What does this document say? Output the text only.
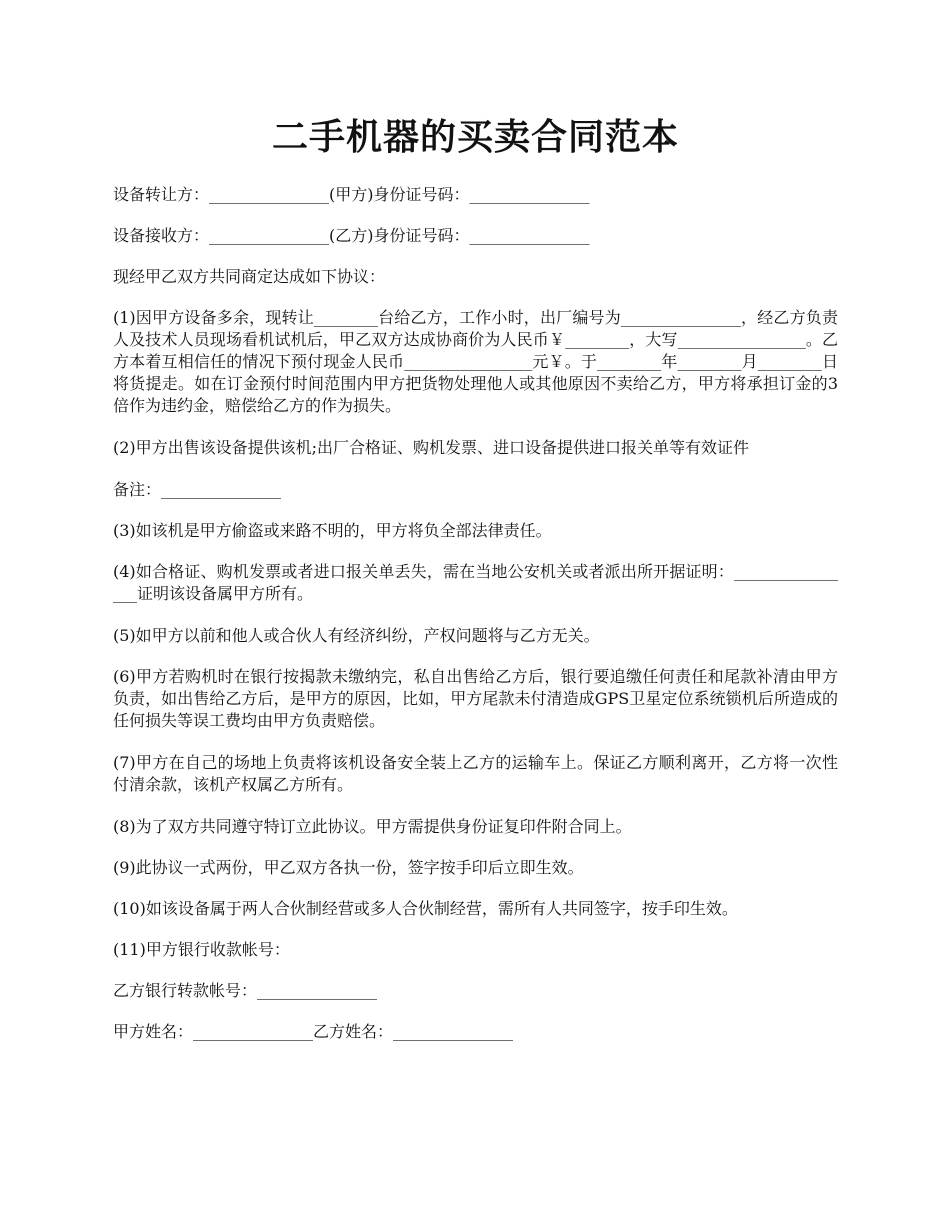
二手机器的买卖合同范本

设备转让方：_______________(甲方)身份证号码：_______________

设备接收方：_______________(乙方)身份证号码：_______________

现经甲乙双方共同商定达成如下协议：

(1)因甲方设备多余，现转让________台给乙方，工作小时，出厂编号为_______________，经乙方负责人及技术人员现场看机试机后，甲乙双方达成协商价为人民币￥________，大写________________。乙方本着互相信任的情况下预付现金人民币________________元￥。于________年________月________日将货提走。如在订金预付时间范围内甲方把货物处理他人或其他原因不卖给乙方，甲方将承担订金的3倍作为违约金，赔偿给乙方的作为损失。

(2)甲方出售该设备提供该机;出厂合格证、购机发票、进口设备提供进口报关单等有效证件

备注：_______________

(3)如该机是甲方偷盗或来路不明的，甲方将负全部法律责任。

(4)如合格证、购机发票或者进口报关单丢失，需在当地公安机关或者派出所开据证明：________________证明该设备属甲方所有。

(5)如甲方以前和他人或合伙人有经济纠纷，产权问题将与乙方无关。

(6)甲方若购机时在银行按揭款未缴纳完，私自出售给乙方后，银行要追缴任何责任和尾款补清由甲方负责，如出售给乙方后，是甲方的原因，比如，甲方尾款未付清造成GPS卫星定位系统锁机后所造成的任何损失等误工费均由甲方负责赔偿。

(7)甲方在自己的场地上负责将该机设备安全装上乙方的运输车上。保证乙方顺利离开，乙方将一次性付清余款，该机产权属乙方所有。

(8)为了双方共同遵守特订立此协议。甲方需提供身份证复印件附合同上。

(9)此协议一式两份，甲乙双方各执一份，签字按手印后立即生效。

(10)如该设备属于两人合伙制经营或多人合伙制经营，需所有人共同签字，按手印生效。

(11)甲方银行收款帐号：

乙方银行转款帐号：_______________

甲方姓名：_______________乙方姓名：_______________
